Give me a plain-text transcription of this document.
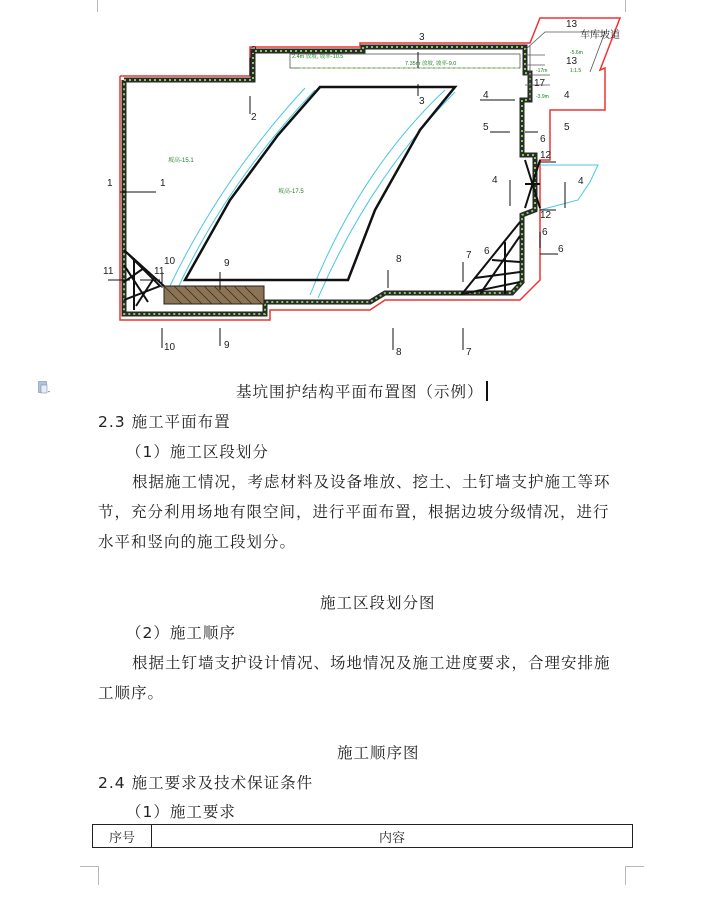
2
2
3
3
1	1
4	4
4	4
5	5
6
6
6	6
7
7
8
8
9
9
10
10
11	11
12
12
13
13
17
2.4m 放坡, 坡率-10.5
7.35m 放坡, 坡率-9.0
坡高-15.1
坡高-17.5
-17m
-5.6m
-3.9m
1:1.5
车库坡道
基坑围护结构平面布置图（示例）
2.3 施工平面布置
（1）施工区段划分
根据施工情况，考虑材料及设备堆放、挖土、土钉墙支护施工等环
节，充分利用场地有限空间，进行平面布置，根据边坡分级情况，进行
水平和竖向的施工段划分。
施工区段划分图
（2）施工顺序
根据土钉墙支护设计情况、场地情况及施工进度要求，合理安排施
工顺序。
施工顺序图
2.4 施工要求及技术保证条件
（1）施工要求
序号	内容
